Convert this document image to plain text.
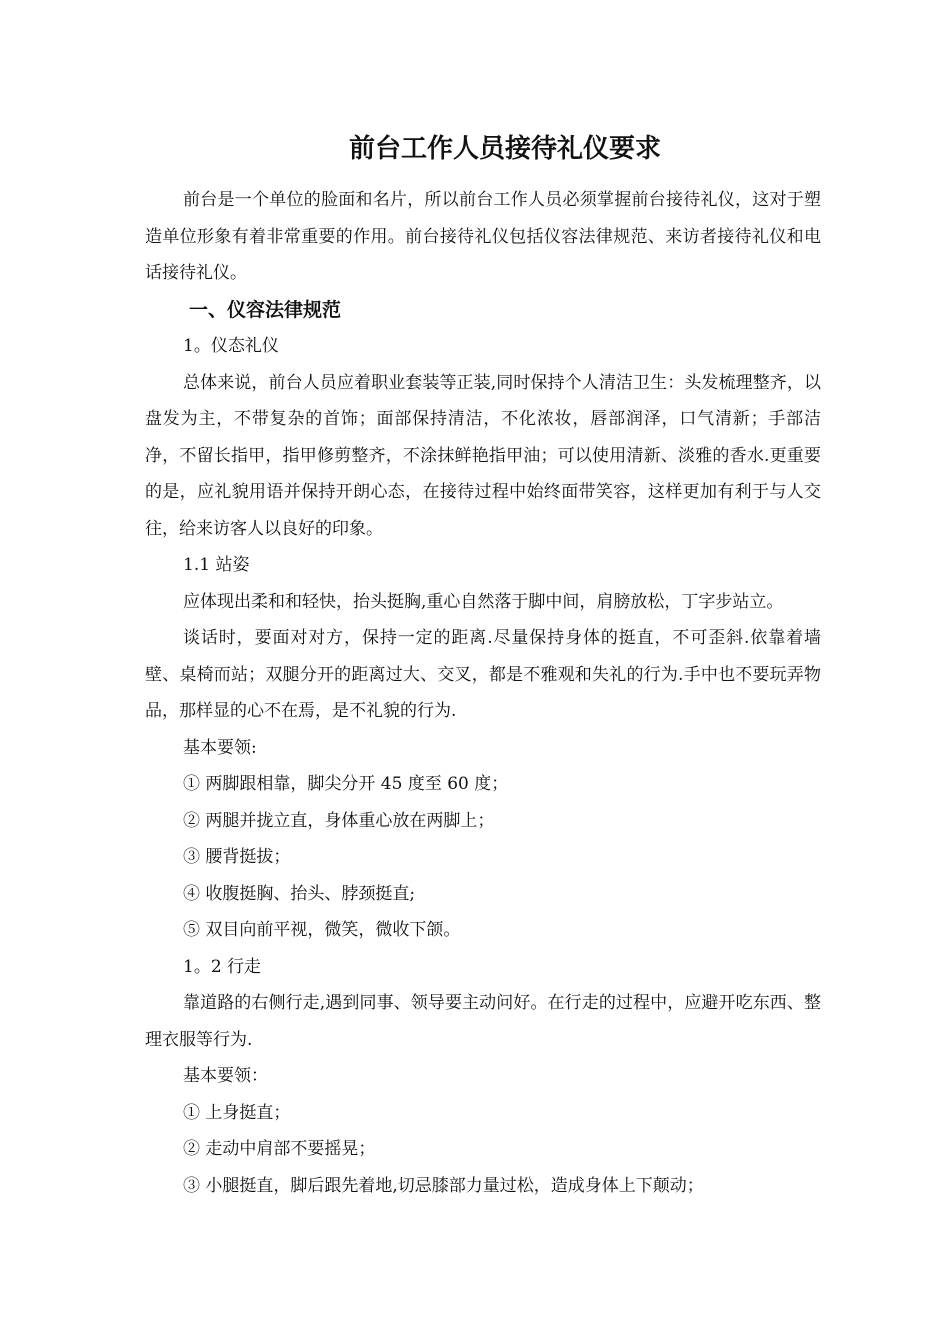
前台工作人员接待礼仪要求

前台是一个单位的脸面和名片，所以前台工作人员必须掌握前台接待礼仪，这对于塑造单位形象有着非常重要的作用。前台接待礼仪包括仪容法律规范、来访者接待礼仪和电话接待礼仪。

一、仪容法律规范

1。仪态礼仪

总体来说，前台人员应着职业套装等正装,同时保持个人清洁卫生：头发梳理整齐，以盘发为主，不带复杂的首饰；面部保持清洁，不化浓妆，唇部润泽，口气清新；手部洁净，不留长指甲，指甲修剪整齐，不涂抹鲜艳指甲油；可以使用清新、淡雅的香水.更重要的是，应礼貌用语并保持开朗心态，在接待过程中始终面带笑容，这样更加有利于与人交往，给来访客人以良好的印象。

1.1 站姿

应体现出柔和和轻快，抬头挺胸,重心自然落于脚中间，肩膀放松，丁字步站立。

谈话时，要面对对方，保持一定的距离.尽量保持身体的挺直，不可歪斜.依靠着墙壁、桌椅而站；双腿分开的距离过大、交叉，都是不雅观和失礼的行为.手中也不要玩弄物品，那样显的心不在焉，是不礼貌的行为.

基本要领:

① 两脚跟相靠，脚尖分开 45 度至 60 度；

② 两腿并拢立直，身体重心放在两脚上；

③ 腰背挺拔；

④ 收腹挺胸、抬头、脖颈挺直;

⑤ 双目向前平视，微笑，微收下颌。

1。2 行走

靠道路的右侧行走,遇到同事、领导要主动问好。在行走的过程中，应避开吃东西、整理衣服等行为.

基本要领：

① 上身挺直；

② 走动中肩部不要摇晃；

③ 小腿挺直，脚后跟先着地,切忌膝部力量过松，造成身体上下颠动；
